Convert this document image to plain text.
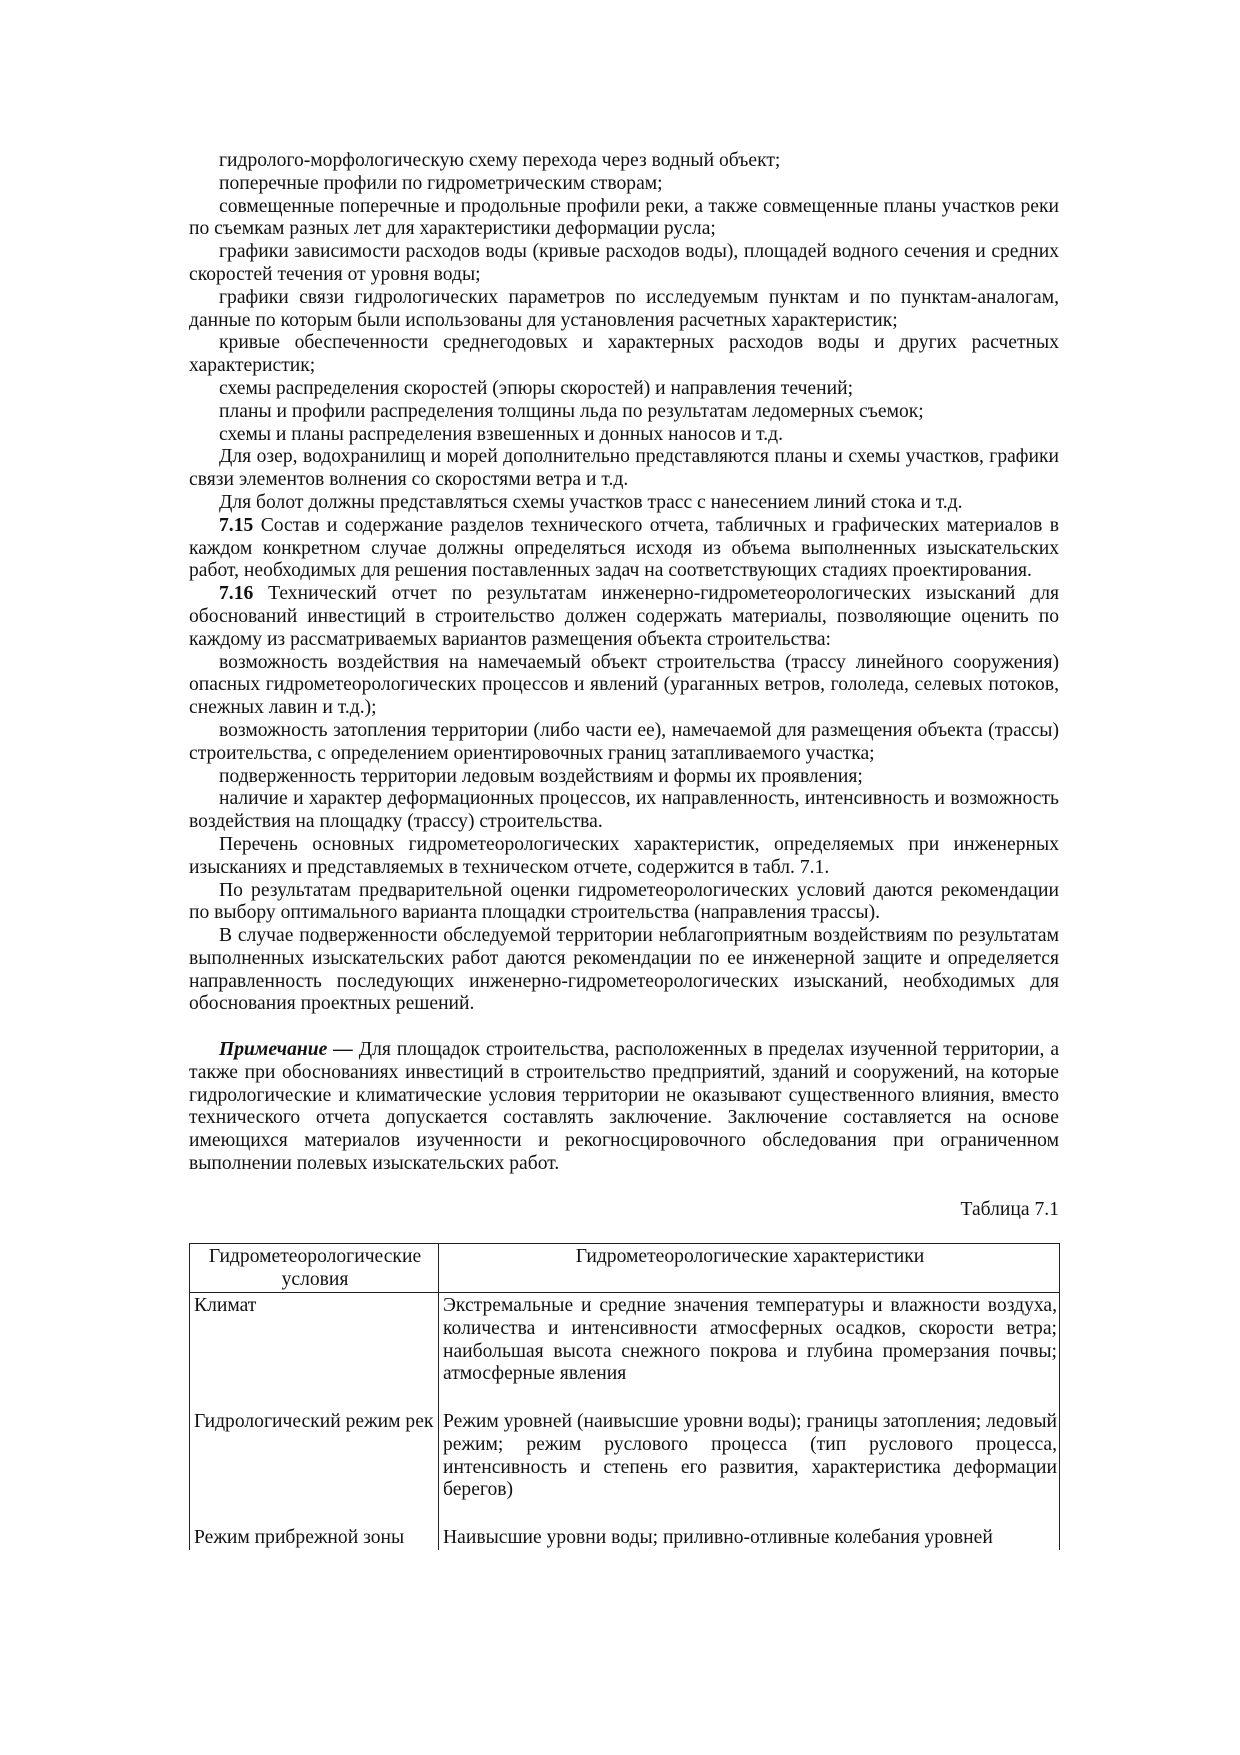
гидролого-морфологическую схему перехода через водный объект;

поперечные профили по гидрометрическим створам;

совмещенные поперечные и продольные профили реки, а также совмещенные планы участков реки по съемкам разных лет для характеристики деформации русла;

графики зависимости расходов воды (кривые расходов воды), площадей водного сечения и средних скоростей течения от уровня воды;

графики связи гидрологических параметров по исследуемым пунктам и по пунктам-аналогам, данные по которым были использованы для установления расчетных характеристик;

кривые обеспеченности среднегодовых и характерных расходов воды и других расчетных характеристик;

схемы распределения скоростей (эпюры скоростей) и направления течений;

планы и профили распределения толщины льда по результатам ледомерных съемок;

схемы и планы распределения взвешенных и донных наносов и т.д.

Для озер, водохранилищ и морей дополнительно представляются планы и схемы участков, графики связи элементов волнения со скоростями ветра и т.д.

Для болот должны представляться схемы участков трасс с нанесением линий стока и т.д.

7.15 Состав и содержание разделов технического отчета, табличных и графических материалов в каждом конкретном случае должны определяться исходя из объема выполненных изыскательских работ, необходимых для решения поставленных задач на соответствующих стадиях проектирования.

7.16 Технический отчет по результатам инженерно-гидрометеорологических изысканий для обоснований инвестиций в строительство должен содержать материалы, позволяющие оценить по каждому из рассматриваемых вариантов размещения объекта строительства:

возможность воздействия на намечаемый объект строительства (трассу линейного сооружения) опасных гидрометеорологических процессов и явлений (ураганных ветров, гололеда, селевых потоков, снежных лавин и т.д.);

возможность затопления территории (либо части ее), намечаемой для размещения объекта (трассы) строительства, с определением ориентировочных границ затапливаемого участка;

подверженность территории ледовым воздействиям и формы их проявления;

наличие и характер деформационных процессов, их направленность, интенсивность и возможность воздействия на площадку (трассу) строительства.

Перечень основных гидрометеорологических характеристик, определяемых при инженерных изысканиях и представляемых в техническом отчете, содержится в табл. 7.1.

По результатам предварительной оценки гидрометеорологических условий даются рекомендации по выбору оптимального варианта площадки строительства (направления трассы).

В случае подверженности обследуемой территории неблагоприятным воздействиям по результатам выполненных изыскательских работ даются рекомендации по ее инженерной защите и определяется направленность последующих инженерно-гидрометеорологических изысканий, необходимых для обоснования проектных решений.

Примечание — Для площадок строительства, расположенных в пределах изученной территории, а также при обоснованиях инвестиций в строительство предприятий, зданий и сооружений, на которые гидрологические и климатические условия территории не оказывают существенного влияния, вместо технического отчета допускается составлять заключение. Заключение составляется на основе имеющихся материалов изученности и рекогносцировочного обследования при ограниченном выполнении полевых изыскательских работ.

Таблица 7.1
Гидрометеорологические условия	Гидрометеорологические характеристики
Климат	Экстремальные и средние значения температуры и влажности воздуха, количества и интенсивности атмосферных осадков, скорости ветра; наибольшая высота снежного покрова и глубина промерзания почвы; атмосферные явления
Гидрологический режим рек	Режим уровней (наивысшие уровни воды); границы затопления; ледовый режим; режим руслового процесса (тип руслового процесса, интенсивность и степень его развития, характеристика деформации берегов)
Режим прибрежной зоны	Наивысшие уровни воды; приливно-отливные колебания уровней
